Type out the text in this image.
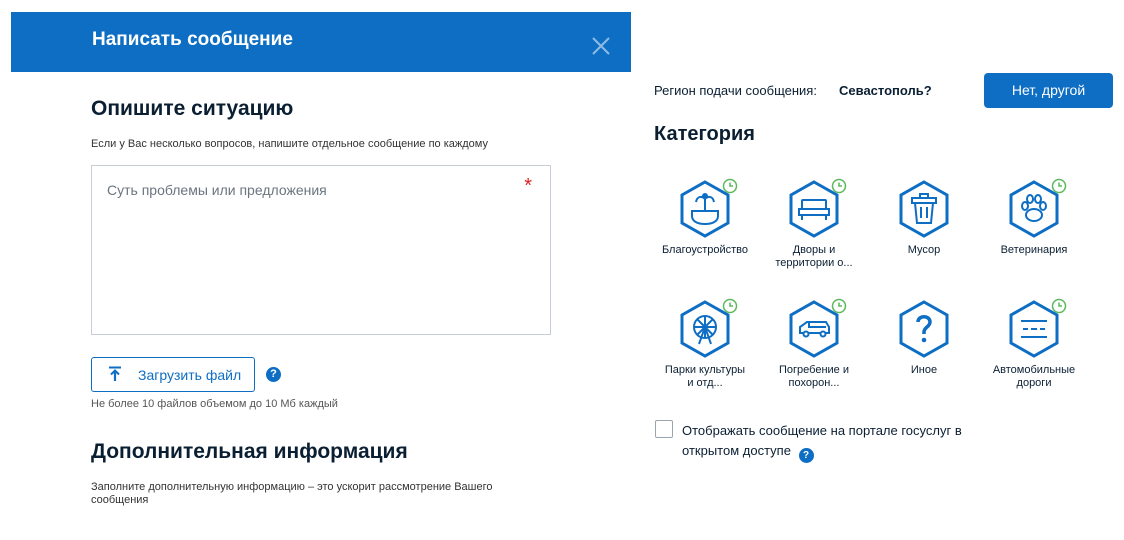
Написать сообщение
Опишите ситуацию
Если у Вас несколько вопросов, напишите отдельное сообщение по каждому
Суть проблемы или предложения	*
Загрузить файл	?
Не более 10 файлов объемом до 10 Мб каждый
Дополнительная информация
Заполните дополнительную информацию – это ускорит рассмотрение Вашего
сообщения
Регион подачи сообщения: Севастополь?	Нет, другой
Категория
Благоустройство	Дворы и
территории о...
Мусор	Ветеринария
Парки культуры
и отд...
Погребение и
похорон...
Иное	Автомобильные
дороги
Отображать сообщение на портале госуслуг в
открытом доступе ?
